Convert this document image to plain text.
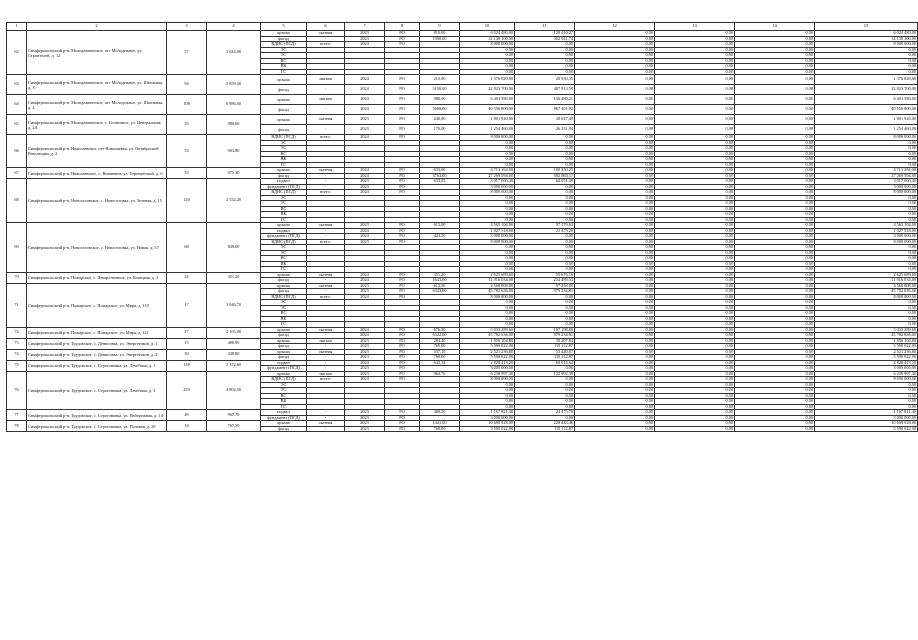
1	2	3	4	5	6	7	8	9	10	11	12	13	14	15
62	Симферопольский р-н, Молодежненское, пгт Молодежное, ул. Строителей, д. 12	57	3 644,00	крыша	скатная	2023	РО	810,00	6 024 480,00	128 410,27	0,00	0,00	0,00	6 024 480,00
				фасад	-	2023	РО	1900,00	14 138 100,00	302 041,74	0,00	0,00	0,00	14 138 100,00
				ВДИС (ПСД)	всего:	2024	РО		8 000 000,00	0,00	0,00	0,00	0,00	8 000 000,00
				ЭС					0,00	0,00	0,00	0,00	0,00	0,00
				ТС					0,00	0,00	0,00	0,00	0,00	0,00
				ВС					0,00	0,00	0,00	0,00	0,00	0,00
				ВК					0,00	0,00	0,00	0,00	0,00	0,00
				ГС					0,00	0,00	0,00	0,00	0,00	0,00
63	Симферопольский р-н, Молодежненское, пгт Молодежное, ул. Школьная, д. 3	94	3 859,30	крыша	мягкая	2024	РО	210,00	1 376 820,00	28 930,35	0,00	0,00	0,00	1 376 820,00
				фасад	-	2024	РО	3150,00	22 823 700,00	487 913,58	0,00	0,00	0,00	22 823 700,00
64	Симферопольский р-н, Молодежненское, пгт Молодежное, ул. Школьная, д. 4	108	6 986,00	крыша	мягкая	2024	РО	980,00	6 401 580,00	136 480,21	0,00	0,00	0,00	6 401 580,00
				фасад	-	2024	РО	5600,00	40 556 800,00	867 401,92	0,00	0,00	0,00	40 556 800,00
65	Симферопольский р-н, Молодежненское, с. Солнечное, ул. Центральная, д. 2А	35	980,00	крыша	скатная	2023	РО	240,00	1 801 920,00	38 047,49	0,00	0,00	0,00	1 801 920,00
				фасад	-	2023	РО	170,00	1 254 460,00	26 331,84	0,00	0,00	0,00	1 254 460,00
66	Симферопольский р-н, Николаевское, пгт Николаевка, ул. Октябрьской Революции, д. 2	53	903,80	ВДИС (ПСД)	всего:	2024	РО		8 000 000,00	0,00	0,00	0,00	0,00	8 000 000,00
				ЭС					0,00	0,00	0,00	0,00	0,00	0,00
				ТС					0,00	0,00	0,00	0,00	0,00	0,00
				ВС					0,00	0,00	0,00	0,00	0,00	0,00
				ВК					0,00	0,00	0,00	0,00	0,00	0,00
				ГС					0,00	0,00	0,00	0,00	0,00	0,00
67	Симферопольский р-н, Николаевское, с. Вишневое, ул. Терещенской, д. 6	33	975,30	крыша	скатная	2024	РО	633,00	4 713 164,00	100 350,25	0,00	0,00	0,00	4 713 264,00
				фасад	-	2024	РО	3763,00	27 269 594,00	582 863,11	0,00	0,00	0,00	27 269 594,00
68	Симферопольский р-н, Новоселовское, с. Новоселовка, ул. Зеленая, д. 15	120	2 532,20	подвал	-	2023	РО	633,05	3 017 060,40	64 051,49	0,00	0,00	0,00	3 017 060,40
				фундамент (ПСД)	-	2023	РО		3 000 000,00	0,00	0,00	0,00	0,00	3 000 000,00
				ВДИС (ПСД)	всего:	2024	РО		8 000 000,00	0,00	0,00	0,00	0,00	8 000 000,00
				ЭС					0,00	0,00	0,00	0,00	0,00	0,00
				ТС					0,00	0,00	0,00	0,00	0,00	0,00
				ВС					0,00	0,00	0,00	0,00	0,00	0,00
				ВК					0,00	0,00	0,00	0,00	0,00	0,00
				ГС					0,00	0,00	0,00	0,00	0,00	0,00
69	Симферопольский р-н, Новоселовское, с. Новоселовка, ул. Новая, д. 57	68	849,00	крыша	скатная	2023	РО	613,00	4 565 104,00	97 179,63	0,00	0,00	0,00	4 565 104,00
				подвал	-	2024	РО		1 027 518,00	21 475,29	0,00	0,00	0,00	1 027 518,00
				фундамент (ПСД)	-	2024	РО	424,50	3 000 000,00	0,00	0,00	0,00	0,00	3 000 000,00
				ВДИС (ПСД)	всего:	2023	РО		8 000 000,00	0,00	0,00	0,00	0,00	8 000 000,00
				ЭС					0,00	0,00	0,00	0,00	0,00	0,00
				ТС					0,00	0,00	0,00	0,00	0,00	0,00
				ВС					0,00	0,00	0,00	0,00	0,00	0,00
				ВК					0,00	0,00	0,00	0,00	0,00	0,00
				ГС					0,00	0,00	0,00	0,00	0,00	0,00
70	Симферопольский р-н, Пожарское, с. Лекарственное, ул. Козацкая, д. 2	24	351,20	крыша	скатная	2024	РО	351,20	2 625 689,60	55 676,16	0,00	0,00	0,00	2 625 689,60
				фасад	-	2024	РО	1643,00	11 916 034,00	254 489,53	0,00	0,00	0,00	11 916 034,00
71	Симферопольский р-н, Пожарское, с. Пожарское, ул. Мира, д. 119	17	1 046,70	крыша	скатная	2023	РО	613,50	4 568 808,00	97 258,89	0,00	0,00	0,00	4 568 808,00
				фасад	-	2023	РО	6323,00	45 782 636,00	979 234,81	0,00	0,00	0,00	45 782 636,00
				ВДИС (ПСД)	всего:	2024	РО		8 000 000,00	0,00	0,00	0,00	0,00	8 000 000,00
				ЭС					0,00	0,00	0,00	0,00	0,00	0,00
				ТС					0,00	0,00	0,00	0,00	0,00	0,00
				ВС					0,00	0,00	0,00	0,00	0,00	0,00
				ВК					0,00	0,00	0,00	0,00	0,00	0,00
				ГС					0,00	0,00	0,00	0,00	0,00	0,00
72	Симферопольский р-н, Пожарское, с. Пожарское, ул. Мира, д. 121	17	2 165,00	крыша	скатная	2024	РО	676,20	5 033 289,60	107 198,80	0,00	0,00	0,00	5 033 289,60
				фасад	-	2024	РО	6322,00	45 782 636,00	979 234,81	0,00	0,00	0,00	45 782 636,00
73	Симферопольский р-н, Трудовское, с. Денисовка, ул. Энергетиков, д. 1	15	400,90	крыша	мягкая	2023	РО	284,40	1 856 104,80	39 207,84	0,00	0,00	0,00	1 856 104,80
				фасад	-	2023	РО	769,00	5 590 022,00	119 112,87	0,00	0,00	0,00	5 590 022,00
74	Симферопольский р-н, Трудовское, с. Денисовка, ул. Энергетиков, д. 2	30	438,80	крыша	скатная	2023	РО	337,10	2 521 236,80	53 440,87	0,00	0,00	0,00	2 521 236,80
				фасад	-	2023	РО	769,00	5 590 022,00	119 112,87	0,00	0,00	0,00	5 590 022,00
75	Симферопольский р-н, Трудовское, с. Строгоновка, ул. Лечебная, д. 1	138	2 372,60	подвал	-	2024	РО	643,34	2 828 413,20	60 014,64	0,00	0,00	0,00	2 828 413,20
				фундамент (ПСД)	-	2023	РО		3 000 000,00	0,00	0,00	0,00	0,00	3 000 000,00
76	Симферопольский р-н, Трудовское, с. Строгоновка, ул. Лечебная, д. 3	239	4 802,50	крыша	мягкая	2023	РО	964,70	6 238 997,40	132 992,38	0,00	0,00	0,00	6 238 997,40
				ВДИС (ПСД)	всего:	2024	РО		8 000 000,00	0,00	0,00	0,00	0,00	8 000 000,00
				ЭС					0,00	0,00	0,00	0,00	0,00	0,00
				ТС					0,00	0,00	0,00	0,00	0,00	0,00
				ВС					0,00	0,00	0,00	0,00	0,00	0,00
				ВК					0,00	0,00	0,00	0,00	0,00	0,00
				ГС					0,00	0,00	0,00	0,00	0,00	0,00
77	Симферопольский р-н, Трудовское, с. Строгоновка, ул. Набережная, д. 1А	49	967,70	подвал	-	2023	РО	480,50	1 167 821,40	24 475,78	0,00	0,00	0,00	1 167 821,40
				фундамент (ПСД)	-	2023	РО		3 000 000,00	0,00	0,00	0,00	0,00	3 000 000,00
78	Симферопольский р-н, Трудовское, с. Строгоновка, ул. Полевая, д. 29	18	767,50	крыша	скатная	2023	РО	1441,00	10 698 928,00	228 443,46	0,00	0,00	0,00	10 698 928,00
				фасад	-	2023	РО	769,00	5 590 022,00	119 112,87	0,00	0,00	0,00	5 590 022,00
